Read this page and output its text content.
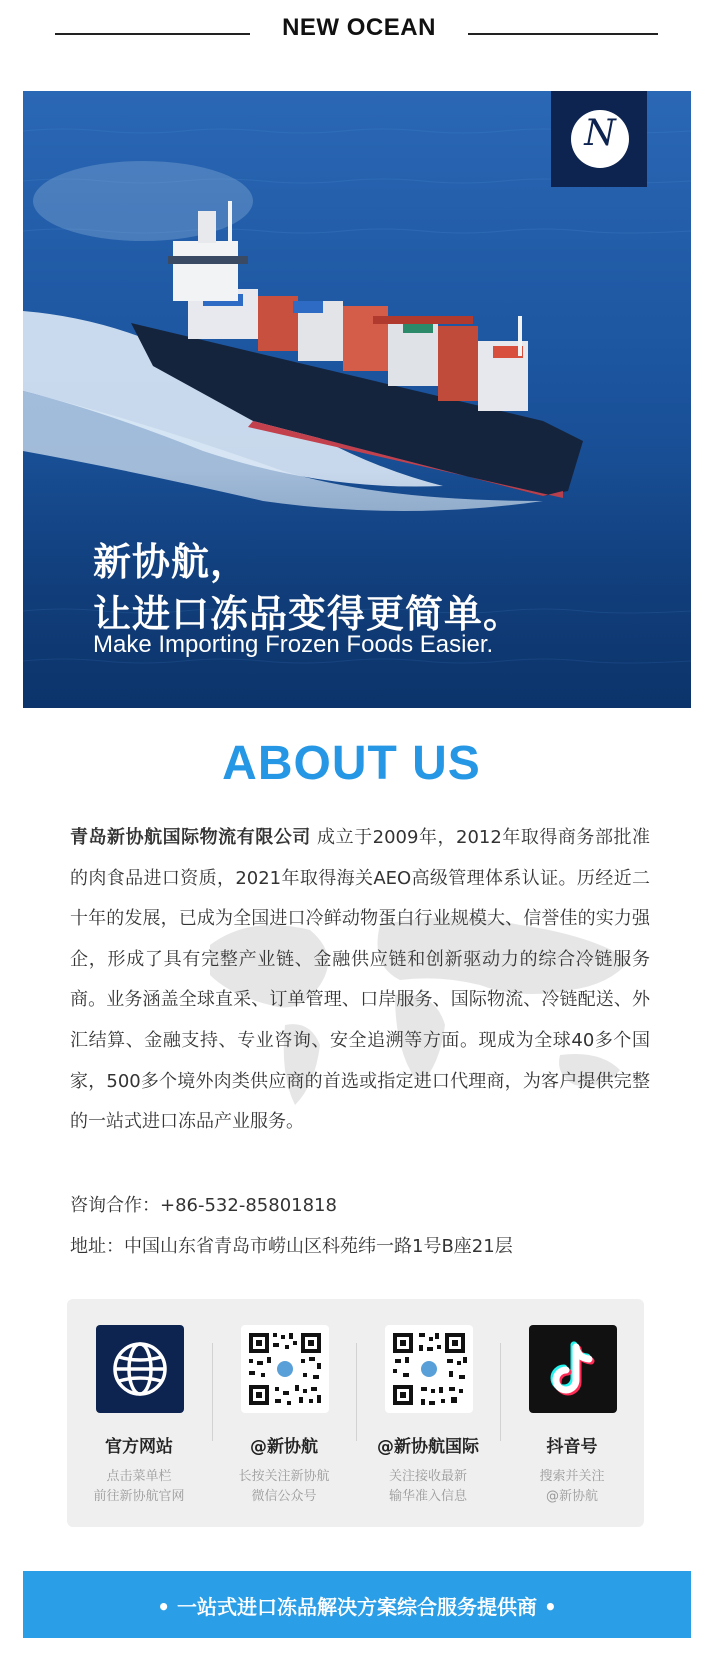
NEW OCEAN
N
新协航，
让进口冻品变得更简单。
Make Importing Frozen Foods Easier.
ABOUT US
青岛新协航国际物流有限公司 成立于2009年，2012年取得商务部批准的肉食品进口资质，2021年取得海关AEO高级管理体系认证。历经近二十年的发展，已成为全国进口冷鲜动物蛋白行业规模大、信誉佳的实力强企，形成了具有完整产业链、金融供应链和创新驱动力的综合冷链服务商。业务涵盖全球直采、订单管理、口岸服务、国际物流、冷链配送、外汇结算、金融支持、专业咨询、安全追溯等方面。现成为全球40多个国家，500多个境外肉类供应商的首选或指定进口代理商，为客户提供完整的一站式进口冻品产业服务。
咨询合作：+86-532-85801818
地址：中国山东省青岛市崂山区科苑纬一路1号B座21层
官方网站
点击菜单栏
前往新协航官网
@新协航
长按关注新协航
微信公众号
@新协航国际
关注接收最新
输华准入信息
抖音号
搜索并关注
@新协航
• 一站式进口冻品解决方案综合服务提供商 •
